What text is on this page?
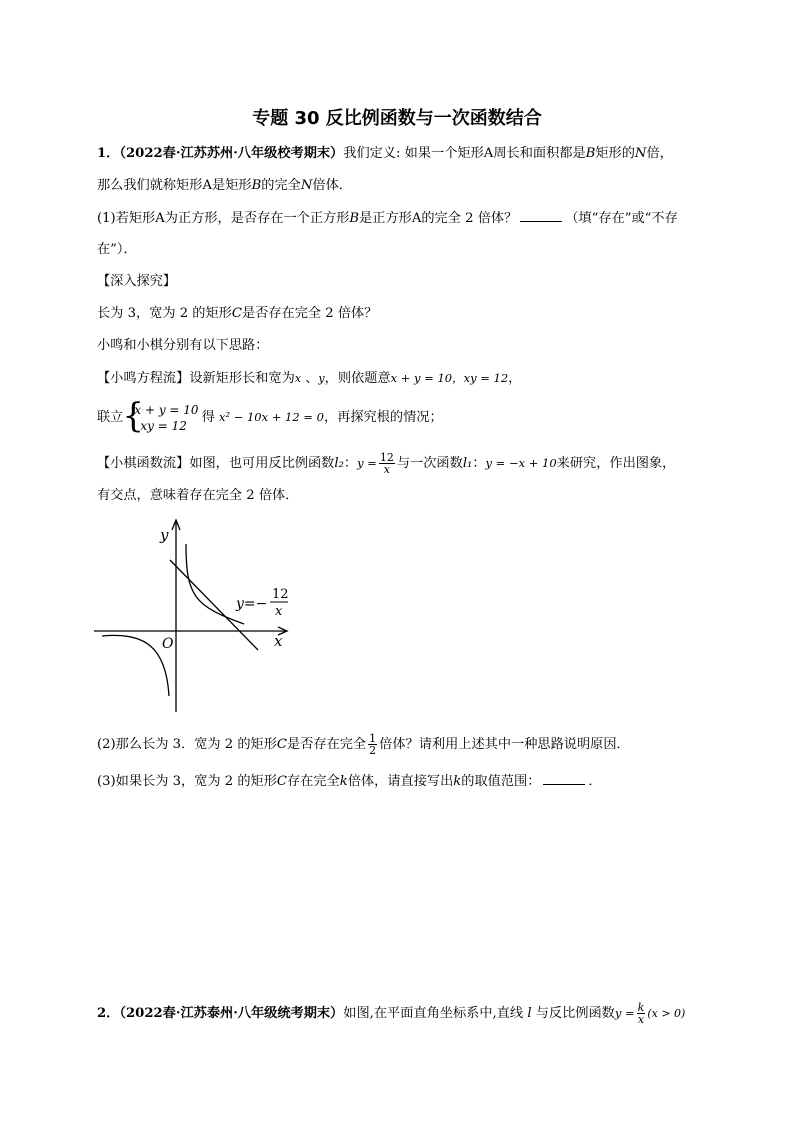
专题 30 反比例函数与一次函数结合
1．（2022春·江苏苏州·八年级校考期末）我们定义: 如果一个矩形A周长和面积都是B矩形的N倍，
那么我们就称矩形A是矩形B的完全N倍体．
(1)若矩形A为正方形，是否存在一个正方形B是正方形A的完全 2 倍体？	（填“存在”或“不存
在”）．
【深入探究】
长为 3，宽为 2 的矩形C是否存在完全 2 倍体？
小鸣和小棋分别有以下思路：
【小鸣方程流】设新矩形长和宽为x 、y，则依题意x + y = 10，xy = 12，
联立
{ x + y = 10
xy = 12
得 x² − 10x + 12 = 0，再探究根的情况；
【小棋函数流】如图，也可用反比例函数l₂：$y = \frac{12}{x}$ 与一次函数l₁：y = −x + 10来研究，作出图象，
有交点，意味着存在完全 2 倍体．
y
x
O
y=−
12
x
(2)那么长为 3．宽为 2 的矩形C是否存在完全 $\frac{1}{2}$ 倍体？请利用上述其中一种思路说明原因．
(3)如果长为 3，宽为 2 的矩形C存在完全k倍体，请直接写出k的取值范围：	．
2．（2022春·江苏泰州·八年级统考期末）如图,在平面直角坐标系中,直线 l 与反比例函数$y = \frac{k}{x} (x > 0)$
